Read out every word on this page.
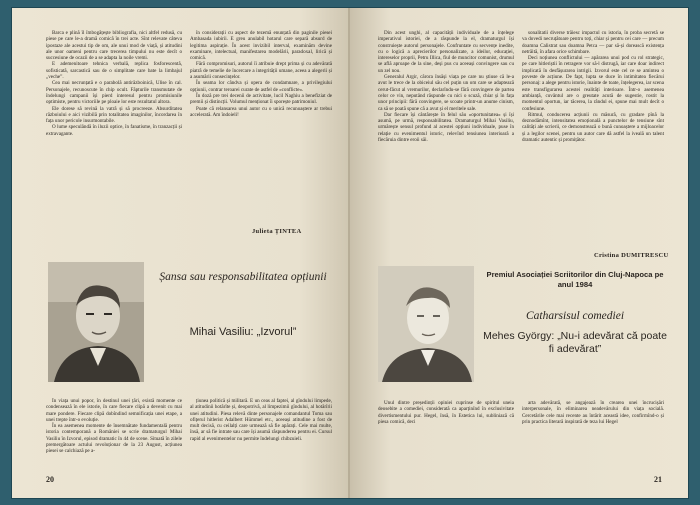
Barca e plină îl îmbogățește bibliografia, nici altfel redusă, cu piese pe care le-a dramă comică în trei acte. Sînt relevate câteva ipostaze ale acestui tip de om, ale unui mod de viață, și atitudini ale unor oameni pentru care trecerea timpului nu este decît o succesiune de ocazii de a se adapta la noile vremi.

E ademenitoare tehnica verbală, replica fosforescentă, sofisticată, sarcastică sau de o simplitate care bate la limbajul „veche”.

Cea mai necrunțată e o parabolă antirăzboinică, Ulise în cal. Personajele, recunoscute în chip ocult. Făpturile transmutate de îndelungi campanii își pierd interesul pentru promisiunile optimiste, pentru victoriile pe ploaie lor este rezultatul altora.

Ele dorese să revină la vatră și să procreeze. Absurditatea războiului e aici vizibilă prin totalitatea imaginilor, încordarea în fața unor pericole insurmontabile.

O lume speculândă în iluzii optice, în fanatisme, în tranzacții și extravagante.

în considerații cu aspect de tezemă enunțată din paginile piesei Ambasada iubirii. E greu anulabil hotarul care separă absurd de legitima aspirație. În acest invizibil interval, examinăm devine examinare, intelectual, manifestarea modelării, paradoxal, lirică și comică.

Fără compromisuri, autorul îi atribuie drept prima și cu adevărată piatră de temelie de încercare a integrității umane, aceea a alegerii și a asumării consecințelor.

În seama lor cândva și opera de condamnare, a privilegiului opțiunii, contrar teroarei curate de astfel de «conflicte».

În doză pre trei decenii de activitate, lucil Naghiu a benefiziat de premii și distincții. Volumul menționat îi sporește patrimoniul.

Poate că relansarea unui autor cu o unică recunoaștere ar trebui accelerată. Am îndoieli!

Julieta ȚINTEA
Șansa sau responsabilitatea opțiunii
Mihai Vasiliu: „Izvorul”

În viața unui popor, în destinul unei țări, există momente ce condensează în ele istorie, în care fiecare clipă a devenit cu mai mare pondere. Fiecare clipă dobîndind semnificația unei etape, a unei trepte într-o evoluție.

În ea asemenea momente de însemnătate fundamentală pentru istoria contemporană a României se scrie dramaturgul Mihai Vasiliu în Izvorul, episod dramatic în 44 de scene. Situată în zilele premergătoare actului revoluționar de la 23 August, acțiunea piesei se calchiază pe a-

țiunea politică și militară. E un ceas al faptei, al gîndului limpede, al atitudinii hotărîte și, deopotrivă, al limpezimii gîndului, al hotărîrii unei atitudini. Piesa relevă dinte personajele comandantul Toma sau ofițerul hitlerist Adalbert Hümmel etc., aceeași atitudine a fost de mult decisă, cu ceilalți care urmează să fie apărați. Cele mai multe, însă, ar să fie intrate sau care își asumă răspunderea pentru ei. Cursul rapid al evenimentelor nu permite îndelungi chibzuieli.

20

Din acest unghi, al capacității individuale de a înțelege imperativul istoriei, de a răspunde la el, dramaturgul își construiește autorul personajele. Confruntate cu secvențe inedite, cu o logică a aprecierilor personalizate, a ideilor, educației, intereselor proprii, Petru Illica, fiul de muncitor comunist, drumul se află aproape de la sine, deși pus cu aceeași convingere sau cu un zel nou.

Generalul Argir, cărora însăși viața pe care nu știuse că le-a avut le trece de la obiceiul său cel puțin un om care se adaptează cerut-fâcut al vremurilor, declarîndu-se fără convingere de partea celor ce vin, neputând răspunde cu nici o scuză, chiar și în fața unor principii: fără convingere, se scoate printr-un anume cinism, ca să se poată spune că a avut și el meritele sale.

Dar fiecare își cântărește în felul său «oportunitatea» și își asumă, pe urmă, responsabilitatea. Dramaturgul Mihai Vasiliu, urmărește sensul profund al acestei opțiuni individuale, puse în relație cu evenimentul istoric, relevînd tensiunea interioară a fiecăruia dintre eroii săi.

sonalitatii diverse trăiesc impactul cu istoria, în proba secretă se va dovedi necruțătoare pentru toți, chiar și pentru cei care — precum doamna Calistrat sau doamna Petca — par să-și dorească existența netrăită, în afara orice schimbare.

Deci noțiunea conflictului — apărarea unui pod cu rol strategic, pe care hitleriștii în retragere vor să-l distrugă, iar care doar indirect implicată în desfășurarea intrigii. Izvorul este cel ce se amintea o poveste de acțiune. De fapt, lupta se duce în intimitatea fiecărui personaj: a alege pentru istorie, înainte de toate, înțelegerea, iar scena este transfigurarea acestei realități interioare. Într-o asemenea ambianță, cuvântul are o greutate acută de sugestie, rostit la momentul oportun, iar tăcerea, la rândul ei, spune mai mult decît o confesiune.

Ritmul, conducerea acțiunii cu măsură, cu gradare pînă la deznodămînt, intensitatea emoțională a punctelor de tensiune sînt calități ale scrierii, ce demonstrează o bună cunoaștere a mijloacelor și a legilor scenei, pentru un autor care dă astfel la iveală un talent dramatic autentic și promițător.

Cristina DUMITRESCU
Premiul Asociației Scriitorilor din Cluj-Napoca pe anul 1984
Catharsisul comediei
Mehes György: „Nu-i adevărat că poate fi adevărat”

Unul dintre președinții opiniei cuprinse de spiritul uneia deosebite a comediei, considerată ca aparținînd în exclusivitate divertismentului pur. Hegel, însă, în Estetica lui, subliniază că piesa comică, deci

arta adevărată, se angajează în crearea unei încrucișări interpersonale, în eliminarea neadevărului din viața socială. Cercetările cele mai recente au întărit această idee, confirmînd-o și prin practica literară inspirată de teza lui Hegel

21
